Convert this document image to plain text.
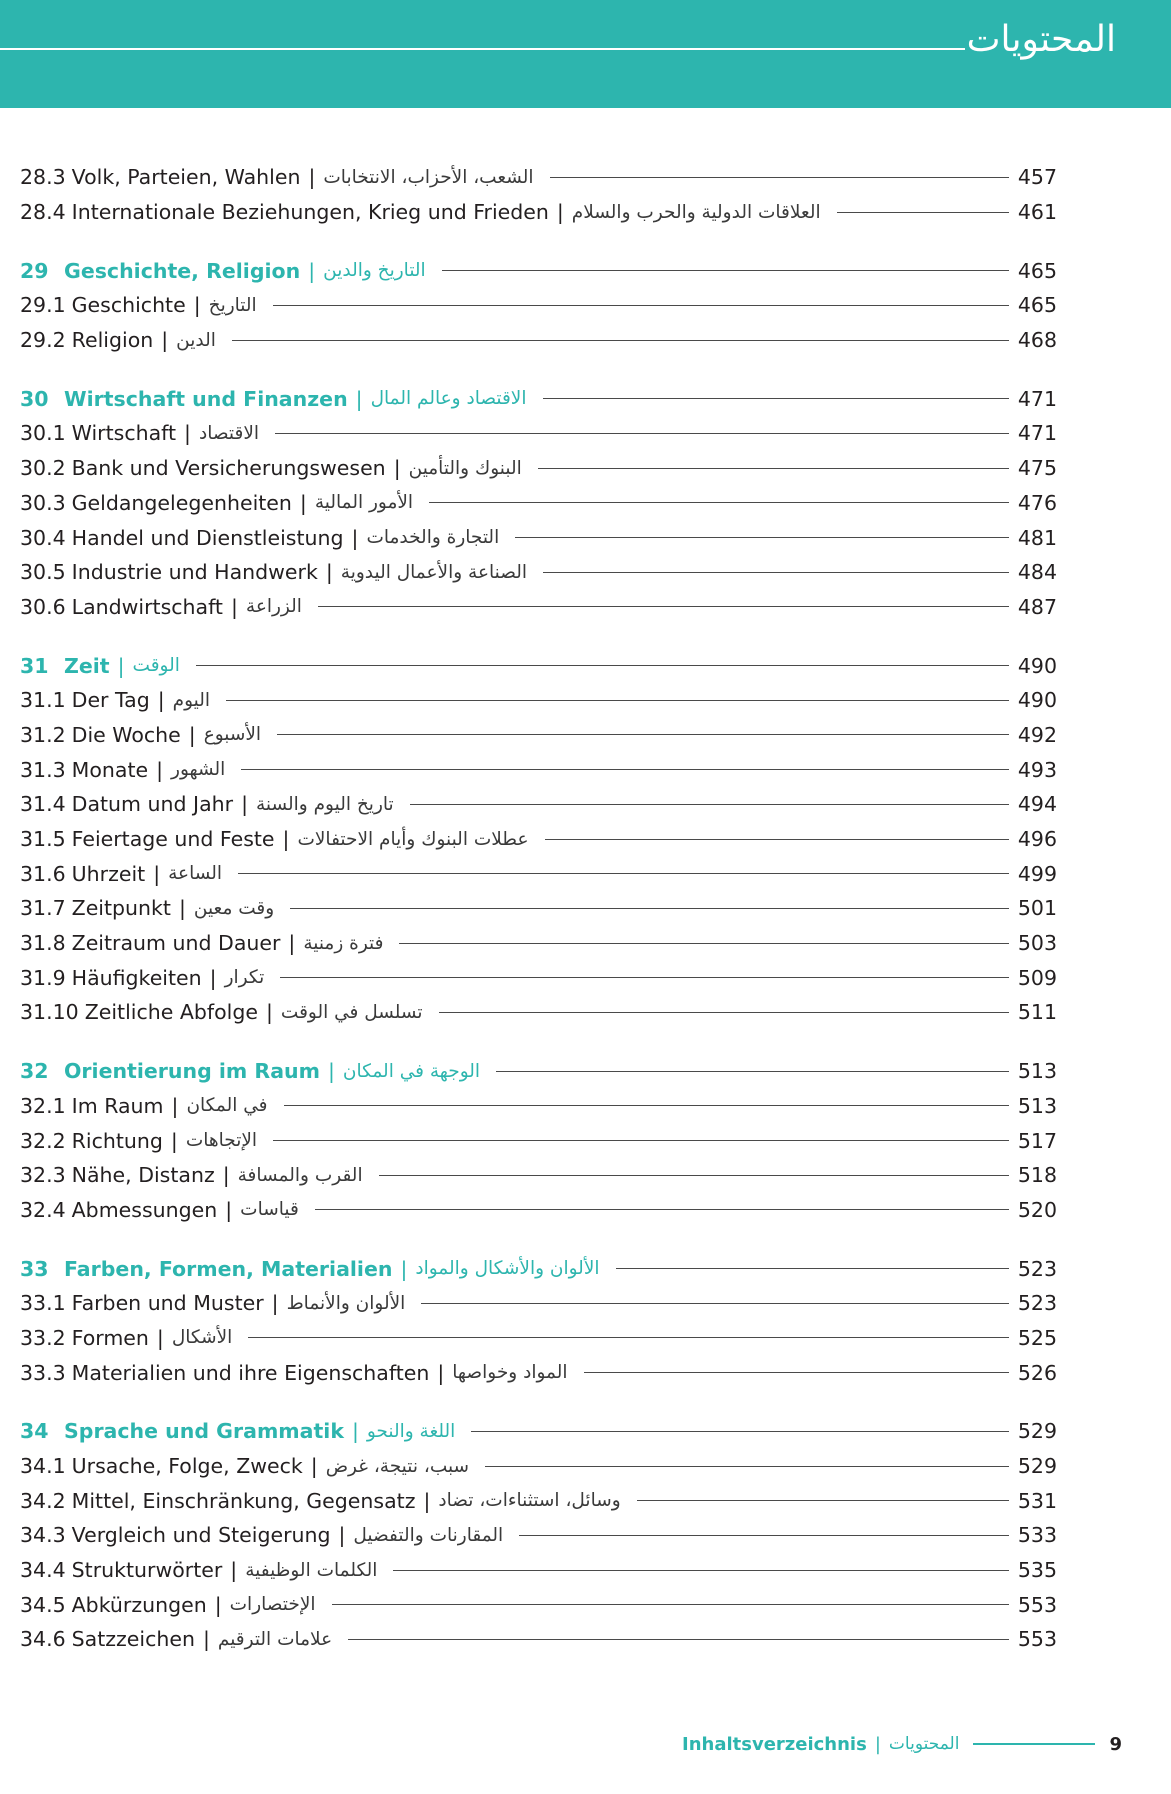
المحتويات
28.3 Volk, Parteien, Wahlen | الشعب، الأحزاب، الانتخابات	457
28.4 Internationale Beziehungen, Krieg und Frieden | العلاقات الدولية والحرب والسلام	461
29 Geschichte, Religion | التاريخ والدين	465
29.1 Geschichte | التاريخ	465
29.2 Religion | الدين	468
30 Wirtschaft und Finanzen | الاقتصاد وعالم المال	471
30.1 Wirtschaft | الاقتصاد	471
30.2 Bank und Versicherungswesen | البنوك والتأمين	475
30.3 Geldangelegenheiten | الأمور المالية	476
30.4 Handel und Dienstleistung | التجارة والخدمات	481
30.5 Industrie und Handwerk | الصناعة والأعمال اليدوية	484
30.6 Landwirtschaft | الزراعة	487
31 Zeit | الوقت	490
31.1 Der Tag | اليوم	490
31.2 Die Woche | الأسبوع	492
31.3 Monate | الشهور	493
31.4 Datum und Jahr | تاريخ اليوم والسنة	494
31.5 Feiertage und Feste | عطلات البنوك وأيام الاحتفالات	496
31.6 Uhrzeit | الساعة	499
31.7 Zeitpunkt | وقت معين	501
31.8 Zeitraum und Dauer | فترة زمنية	503
31.9 Häufigkeiten | تكرار	509
31.10 Zeitliche Abfolge | تسلسل في الوقت	511
32 Orientierung im Raum | الوجهة في المكان	513
32.1 Im Raum | في المكان	513
32.2 Richtung | الإتجاهات	517
32.3 Nähe, Distanz | القرب والمسافة	518
32.4 Abmessungen | قياسات	520
33 Farben, Formen, Materialien | الألوان والأشكال والمواد	523
33.1 Farben und Muster | الألوان والأنماط	523
33.2 Formen | الأشكال	525
33.3 Materialien und ihre Eigenschaften | المواد وخواصها	526
34 Sprache und Grammatik | اللغة والنحو	529
34.1 Ursache, Folge, Zweck | سبب، نتيجة، غرض	529
34.2 Mittel, Einschränkung, Gegensatz | وسائل، استثناءات، تضاد	531
34.3 Vergleich und Steigerung | المقارنات والتفضيل	533
34.4 Strukturwörter | الكلمات الوظيفية	535
34.5 Abkürzungen | الإختصارات	553
34.6 Satzzeichen | علامات الترقيم	553
Inhaltsverzeichnis | المحتويات	9
